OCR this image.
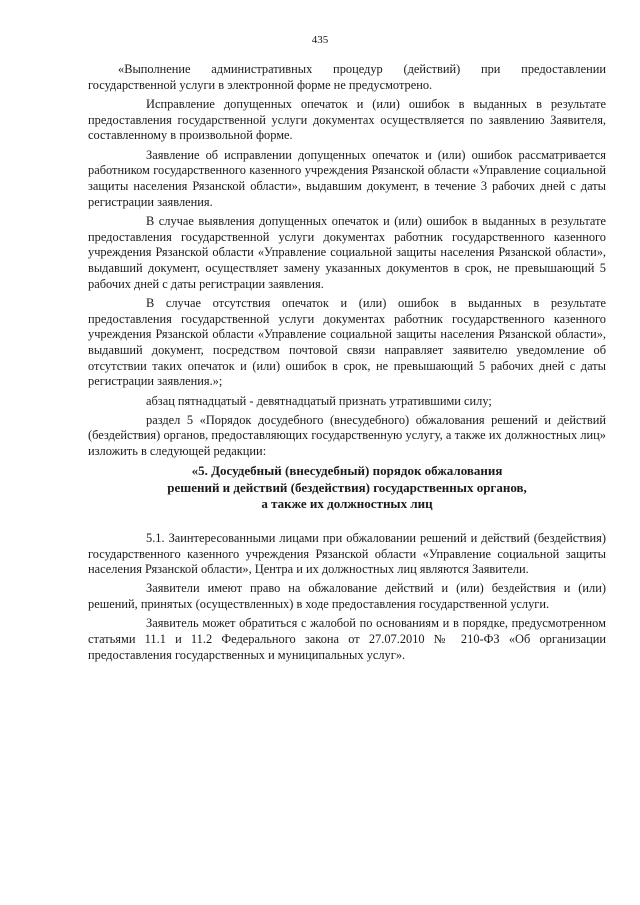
435

«Выполнение административных процедур (действий) при предоставлении государственной услуги в электронной форме не предусмотрено.

Исправление допущенных опечаток и (или) ошибок в выданных в результате предоставления государственной услуги документах осуществляется по заявлению Заявителя, составленному в произвольной форме.

Заявление об исправлении допущенных опечаток и (или) ошибок рассматривается работником государственного казенного учреждения Рязанской области «Управление социальной защиты населения Рязанской области», выдавшим документ, в течение 3 рабочих дней с даты регистрации заявления.

В случае выявления допущенных опечаток и (или) ошибок в выданных в результате предоставления государственной услуги документах работник государственного казенного учреждения Рязанской области «Управление социальной защиты населения Рязанской области», выдавший документ, осуществляет замену указанных документов в срок, не превышающий 5 рабочих дней с даты регистрации заявления.

В случае отсутствия опечаток и (или) ошибок в выданных в результате предоставления государственной услуги документах работник государственного казенного учреждения Рязанской области «Управление социальной защиты населения Рязанской области», выдавший документ, посредством почтовой связи направляет заявителю уведомление об отсутствии таких опечаток и (или) ошибок в срок, не превышающий 5 рабочих дней с даты регистрации заявления.»;

абзац пятнадцатый - девятнадцатый признать утратившими силу;

раздел 5 «Порядок досудебного (внесудебного) обжалования решений и действий (бездействия) органов, предоставляющих государственную услугу, а также их должностных лиц» изложить в следующей редакции:

«5. Досудебный (внесудебный) порядок обжалования
решений и действий (бездействия) государственных органов,
а также их должностных лиц

5.1. Заинтересованными лицами при обжаловании решений и действий (бездействия) государственного казенного учреждения Рязанской области «Управление социальной защиты населения Рязанской области», Центра и их должностных лиц являются Заявители.

Заявители имеют право на обжалование действий и (или) бездействия и (или) решений, принятых (осуществленных) в ходе предоставления государственной услуги.

Заявитель может обратиться с жалобой по основаниям и в порядке, предусмотренном статьями 11.1 и 11.2 Федерального закона от 27.07.2010 № 210-ФЗ «Об организации предоставления государственных и муниципальных услуг».
